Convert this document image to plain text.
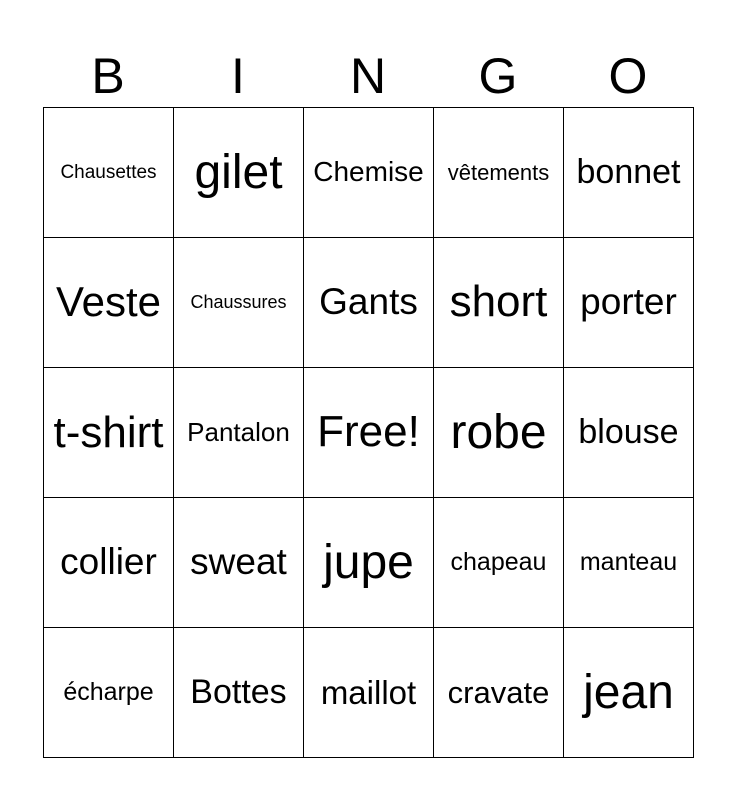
B	I	N	G	O
Chausettes gilet Chemise vêtements bonnet
Veste Chaussures Gants short porter
t-shirt Pantalon Free! robe blouse
collier sweat jupe chapeau manteau
écharpe Bottes maillot cravate jean
